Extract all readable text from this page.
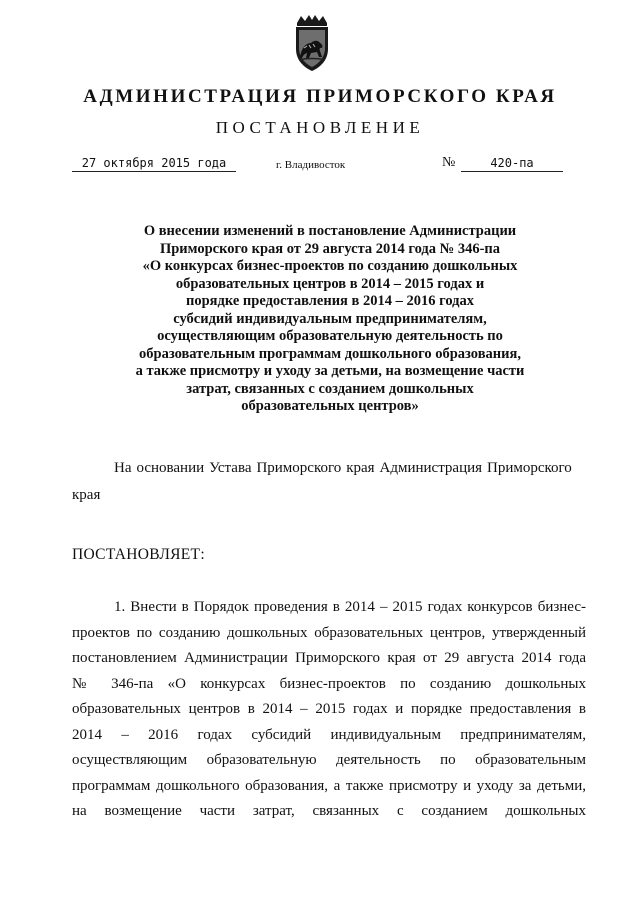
АДМИНИСТРАЦИЯ ПРИМОРСКОГО КРАЯ
ПОСТАНОВЛЕНИЕ
27 октября 2015 года	г. Владивосток	№	420-па
О внесении изменений в постановление Администрации
Приморского края от 29 августа 2014 года № 346-па
«О конкурсах бизнес-проектов по созданию дошкольных
образовательных центров в 2014 – 2015 годах и
порядке предоставления в 2014 – 2016 годах
субсидий индивидуальным предпринимателям,
осуществляющим образовательную деятельность по
образовательным программам дошкольного образования,
а также присмотру и уходу за детьми, на возмещение части
затрат, связанных с созданием дошкольных
образовательных центров»
На основании Устава Приморского края Администрация Приморского
края
ПОСТАНОВЛЯЕТ:
1. Внести в Порядок проведения в 2014 – 2015 годах конкурсов бизнес-
проектов по созданию дошкольных образовательных центров, утвержденный
постановлением Администрации Приморского края от 29 августа 2014 года
№ 346-па «О конкурсах бизнес-проектов по созданию дошкольных
образовательных центров в 2014 – 2015 годах и порядке предоставления в
2014 – 2016 годах субсидий индивидуальным предпринимателям,
осуществляющим образовательную деятельность по образовательным
программам дошкольного образования, а также присмотру и уходу за детьми,
на возмещение части затрат, связанных с созданием дошкольных
